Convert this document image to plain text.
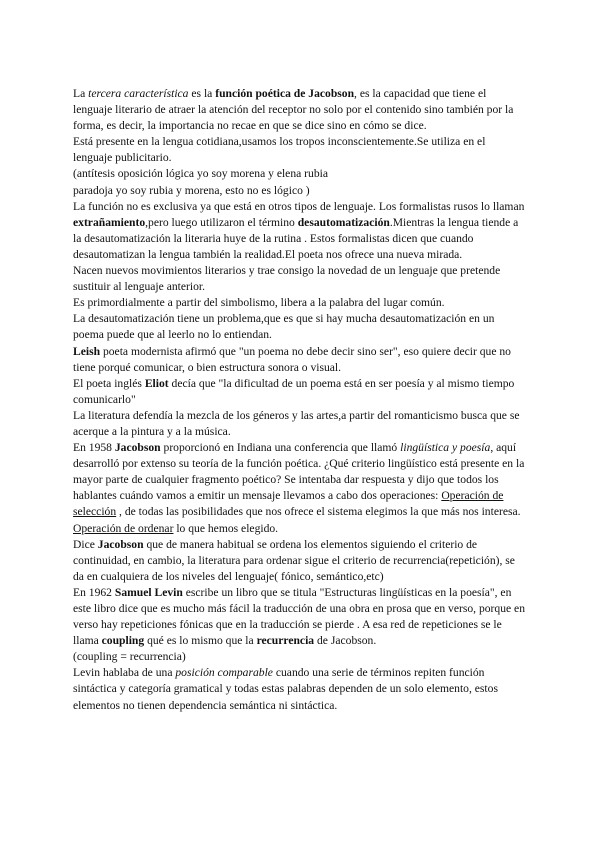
La tercera característica es la función poética de Jacobson, es la capacidad que tiene el lenguaje literario de atraer la atención del receptor no solo por el contenido sino también por la forma, es decir, la importancia no recae en que se dice sino en cómo se dice.

Está presente en la lengua cotidiana,usamos los tropos inconscientemente.Se utiliza en el lenguaje publicitario.

(antítesis oposición lógica yo soy morena y elena rubia

paradoja yo soy rubia y morena, esto no es lógico )

La función no es exclusiva ya que está en otros tipos de lenguaje. Los formalistas rusos lo llaman extrañamiento,pero luego utilizaron el término desautomatización.Mientras la lengua tiende a la desautomatización la literaria huye de la rutina . Estos formalistas dicen que cuando desautomatizan la lengua también la realidad.El poeta nos ofrece una nueva mirada.

Nacen nuevos movimientos literarios y trae consigo la novedad de un lenguaje que pretende sustituir al lenguaje anterior.

Es primordialmente a partir del simbolismo, libera a la palabra del lugar común.

La desautomatización tiene un problema,que es que si hay mucha desautomatización en un poema puede que al leerlo no lo entiendan.

Leish poeta modernista afirmó que "un poema no debe decir sino ser", eso quiere decir que no tiene porqué comunicar, o bien estructura sonora o visual.

El poeta inglés Eliot decía que "la dificultad de un poema está en ser poesía y al mismo tiempo comunicarlo"

La literatura defendía la mezcla de los géneros y las artes,a partir del romanticismo busca que se acerque a la pintura y a la música.

En 1958 Jacobson proporcionó en Indiana una conferencia que llamó lingüística y poesía, aquí desarrolló por extenso su teoría de la función poética. ¿Qué criterio lingüístico está presente en la mayor parte de cualquier fragmento poético? Se intentaba dar respuesta y dijo que todos los hablantes cuándo vamos a emitir un mensaje llevamos a cabo dos operaciones: Operación de selección , de todas las posibilidades que nos ofrece el sistema elegimos la que más nos interesa.

Operación de ordenar lo que hemos elegido.

Dice Jacobson que de manera habitual se ordena los elementos siguiendo el criterio de continuidad, en cambio, la literatura para ordenar sigue el criterio de recurrencia(repetición), se da en cualquiera de los niveles del lenguaje( fónico, semántico,etc)

En 1962 Samuel Levin escribe un libro que se titula "Estructuras lingüísticas en la poesía", en este libro dice que es mucho más fácil la traducción de una obra en prosa que en verso, porque en verso hay repeticiones fónicas que en la traducción se pierde . A esa red de repeticiones se le llama coupling qué es lo mismo que la recurrencia de Jacobson.

(coupling = recurrencia)

Levin hablaba de una posición comparable cuando una serie de términos repiten función sintáctica y categoría gramatical y todas estas palabras dependen de un solo elemento, estos elementos no tienen dependencia semántica ni sintáctica.
